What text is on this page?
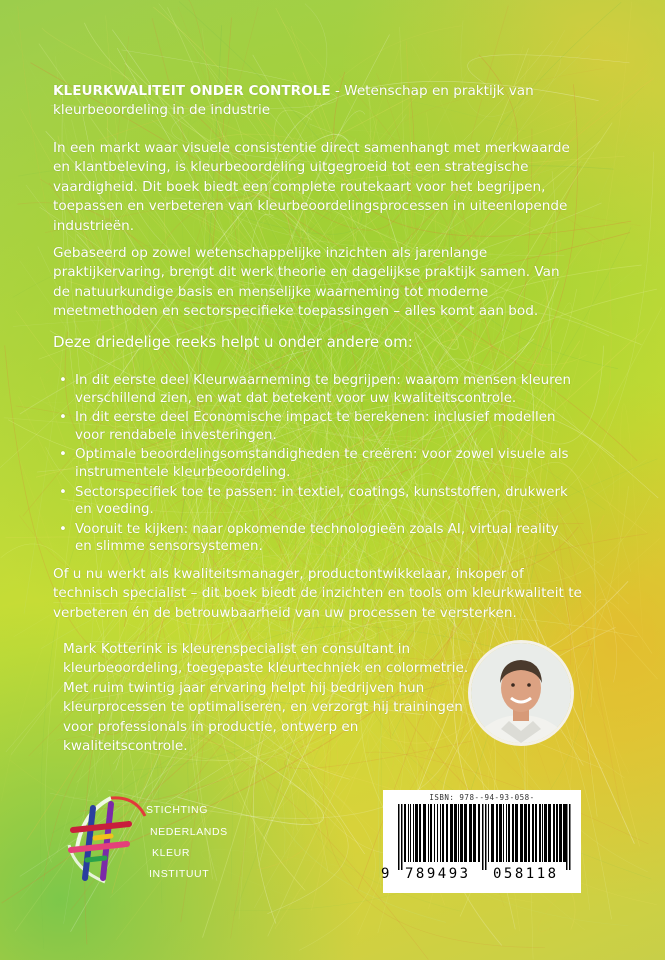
KLEURKWALITEIT ONDER CONTROLE - Wetenschap en praktijk van
kleurbeoordeling in de industrie
In een markt waar visuele consistentie direct samenhangt met merkwaarde
en klantbeleving, is kleurbeoordeling uitgegroeid tot een strategische
vaardigheid. Dit boek biedt een complete routekaart voor het begrijpen,
toepassen en verbeteren van kleurbeoordelingsprocessen in uiteenlopende
industrieën.
Gebaseerd op zowel wetenschappelijke inzichten als jarenlange
praktijkervaring, brengt dit werk theorie en dagelijkse praktijk samen. Van
de natuurkundige basis en menselijke waarneming tot moderne
meetmethoden en sectorspecifieke toepassingen – alles komt aan bod.
Deze driedelige reeks helpt u onder andere om:
• In dit eerste deel Kleurwaarneming te begrijpen: waarom mensen kleuren
verschillend zien, en wat dat betekent voor uw kwaliteitscontrole.
• In dit eerste deel Economische impact te berekenen: inclusief modellen
voor rendabele investeringen.
• Optimale beoordelingsomstandigheden te creëren: voor zowel visuele als
instrumentele kleurbeoordeling.
• Sectorspecifiek toe te passen: in textiel, coatings, kunststoffen, drukwerk
en voeding.
• Vooruit te kijken: naar opkomende technologieën zoals AI, virtual reality
en slimme sensorsystemen.
Of u nu werkt als kwaliteitsmanager, productontwikkelaar, inkoper of
technisch specialist – dit boek biedt de inzichten en tools om kleurkwaliteit te
verbeteren én de betrouwbaarheid van uw processen te versterken.
Mark Kotterink is kleurenspecialist en consultant in
kleurbeoordeling, toegepaste kleurtechniek en colormetrie.
Met ruim twintig jaar ervaring helpt hij bedrijven hun
kleurprocessen te optimaliseren, en verzorgt hij trainingen
voor professionals in productie, ontwerp en
kwaliteitscontrole.
STICHTING
NEDERLANDS
KLEUR
INSTITUUT
ISBN: 978--94-93-058-
9 789493 058118
